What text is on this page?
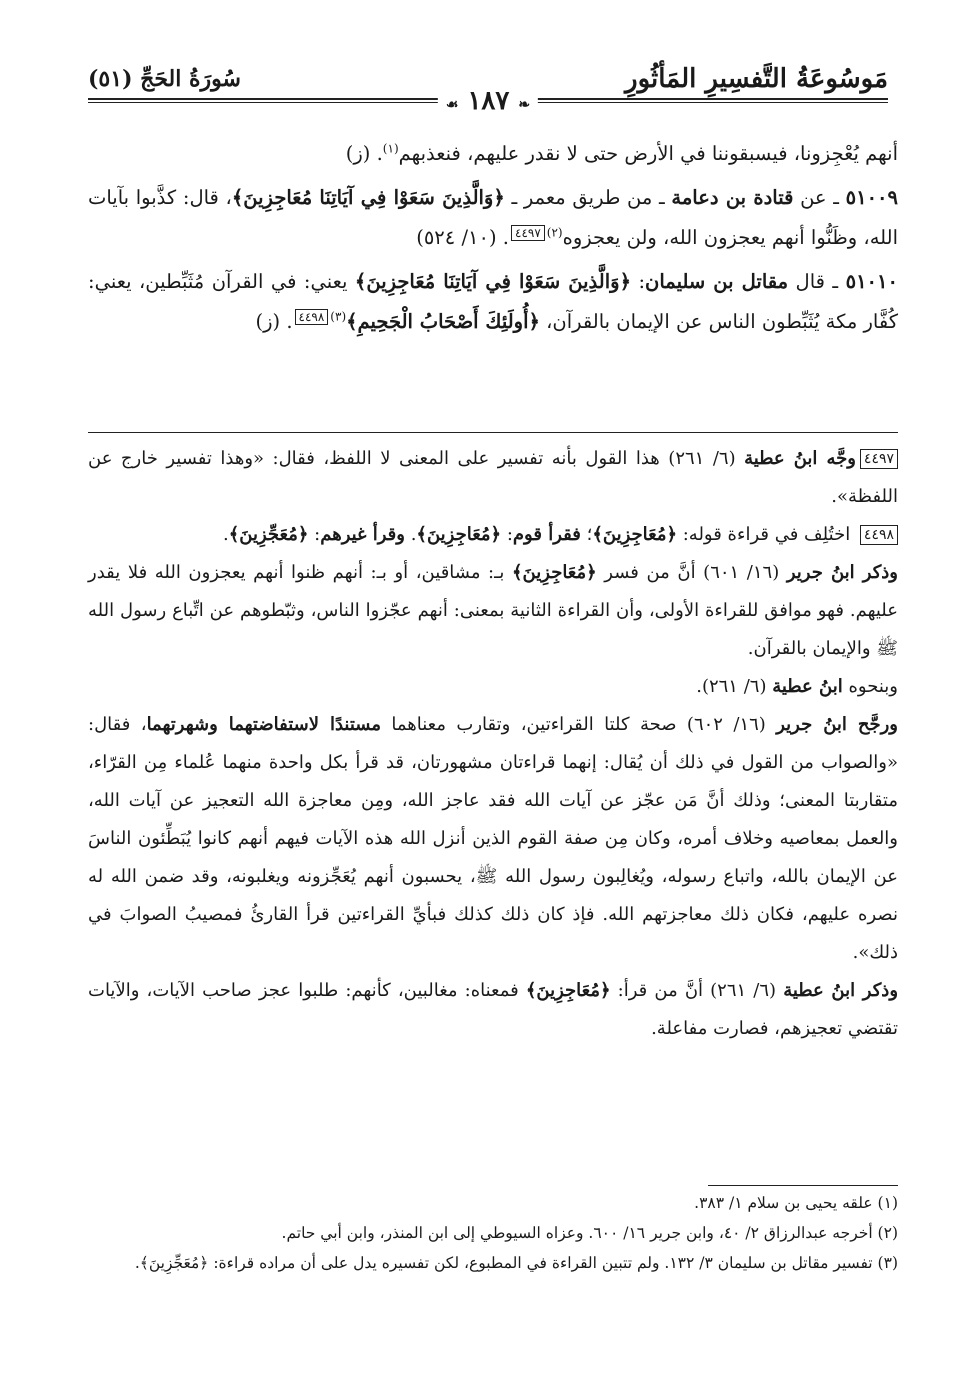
مَوسُوعَةُ التَّفسِيرِ المَأثُورِ
سُورَةُ الحَجِّ (٥١)
❧ ١٨٧ ☙

أنهم يُعْجِزونا، فيسبقوننا في الأرض حتى لا نقدر عليهم، فنعذبهم$^{(١)}$. (ز)

٥١٠٠٩ ـ عن قتادة بن دعامة ـ من طريق معمر ـ ﴿وَالَّذِينَ سَعَوْا فِي آيَاتِنَا مُعَاجِزِينَ﴾، قال: كذَّبوا بآيات الله، وظَنُّوا أنهم يعجزون الله، ولن يعجزوه$^{(٢)}$٤٤٩٧. (١٠/ ٥٢٤)

٥١٠١٠ ـ قال مقاتل بن سليمان: ﴿وَالَّذِينَ سَعَوْا فِي آيَاتِنَا مُعَاجِزِينَ﴾ يعني: في القرآن مُثَبِّطين، يعني: كُفَّار مكة يُثَبِّطون الناس عن الإيمان بالقرآن، ﴿أُولَئِكَ أَصْحَابُ الْجَحِيمِ﴾$^{(٣)}$٤٤٩٨. (ز)

٤٤٩٧وجَّه ابنُ عطية (٦/ ٢٦١) هذا القول بأنه تفسير على المعنى لا اللفظ، فقال: «وهذا تفسير خارج عن اللفظة».

٤٤٩٨ اختُلِف في قراءة قوله: ﴿مُعَاجِزِينَ﴾؛ فقرأ قوم: ﴿مُعَاجِزِينَ﴾. وقرأ غيرهم: ﴿مُعَجِّزِينَ﴾.

وذكر ابنُ جرير (١٦/ ٦٠١) أنَّ من فسر ﴿مُعَاجِزِينَ﴾ بـ: مشاقين، أو بـ: أنهم ظنوا أنهم يعجزون الله فلا يقدر عليهم. فهو موافق للقراءة الأولى، وأن القراءة الثانية بمعنى: أنهم عجّزوا الناس، وثبّطوهم عن اتِّباع رسول الله ﷺ والإيمان بالقرآن.

وبنحوه ابنُ عطية (٦/ ٢٦١).

ورجَّح ابنُ جرير (١٦/ ٦٠٢) صحة كلتا القراءتين، وتقارب معناهما مستندًا لاستفاضتهما وشهرتهما، فقال: «والصواب من القول في ذلك أن يُقال: إنهما قراءتان مشهورتان، قد قرأ بكل واحدة منهما عُلماء مِن القرّاء، متقاربتا المعنى؛ وذلك أنَّ مَن عجّز عن آيات الله فقد عاجز الله، ومِن معاجزة الله التعجيز عن آيات الله، والعمل بمعاصيه وخلاف أمره، وكان مِن صفة القوم الذين أنزل الله هذه الآيات فيهم أنهم كانوا يُبَطِّئون الناسَ عن الإيمان بالله، واتباع رسوله، ويُغالِبون رسول الله ﷺ، يحسبون أنهم يُعَجِّزونه ويغلبونه، وقد ضمن الله له نصره عليهم، فكان ذلك معاجزتهم الله. فإذ كان ذلك كذلك فبأيِّ القراءتين قرأ القارئُ فمصيبُ الصوابَ في ذلك».

وذكر ابنُ عطية (٦/ ٢٦١) أنَّ من قرأ: ﴿مُعَاجِزِينَ﴾ فمعناه: مغالبين، كأنهم: طلبوا عجز صاحب الآيات، والآيات تقتضي تعجيزهم، فصارت مفاعلة.

(١) علقه يحيى بن سلام ١/ ٣٨٣.

(٢) أخرجه عبدالرزاق ٢/ ٤٠، وابن جرير ١٦/ ٦٠٠. وعزاه السيوطي إلى ابن المنذر، وابن أبي حاتم.

(٣) تفسير مقاتل بن سليمان ٣/ ١٣٢. ولم تتبين القراءة في المطبوع، لكن تفسيره يدل على أن مراده قراءة: ﴿مُعَجِّزِينَ﴾.
